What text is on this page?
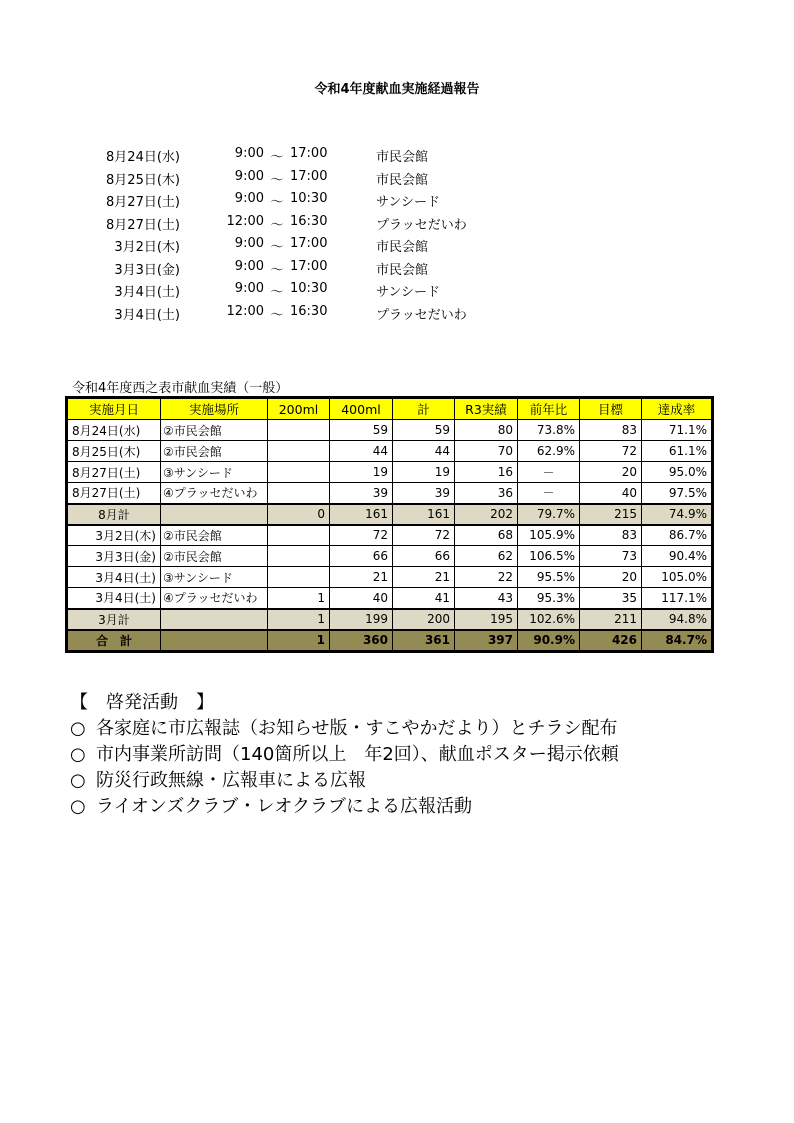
令和4年度献血実施経過報告
8月24日(水)	9:00 ～ 17:00	市民会館
8月25日(木)	9:00 ～ 17:00	市民会館
8月27日(土)	9:00 ～ 10:30	サンシード
8月27日(土)	12:00 ～ 16:30	プラッセだいわ
3月2日(木)	9:00 ～ 17:00	市民会館
3月3日(金)	9:00 ～ 17:00	市民会館
3月4日(土)	9:00 ～ 10:30	サンシード
3月4日(土)	12:00 ～ 16:30	プラッセだいわ
令和4年度西之表市献血実績（一般）
実施月日	実施場所	200ml	400ml	計	R3実績	前年比	目標	達成率
8月24日(水)	②市民会館		59	59	80	73.8%	83	71.1%
8月25日(木)	②市民会館		44	44	70	62.9%	72	61.1%
8月27日(土)	③サンシード		19	19	16	－	20	95.0%
8月27日(土)	④プラッセだいわ		39	39	36	－	40	97.5%
8月計		0	161	161	202	79.7%	215	74.9%
3月2日(木)	②市民会館		72	72	68	105.9%	83	86.7%
3月3日(金)	②市民会館		66	66	62	106.5%	73	90.4%
3月4日(土)	③サンシード		21	21	22	95.5%	20	105.0%
3月4日(土)	④プラッセだいわ	1	40	41	43	95.3%	35	117.1%
3月計		1	199	200	195	102.6%	211	94.8%
合　計		1	360	361	397	90.9%	426	84.7%
【　啓発活動　】
○ 各家庭に市広報誌（お知らせ版・すこやかだより）とチラシ配布
○ 市内事業所訪問（140箇所以上　年2回）、献血ポスター掲示依頼
○ 防災行政無線・広報車による広報
○ ライオンズクラブ・レオクラブによる広報活動
